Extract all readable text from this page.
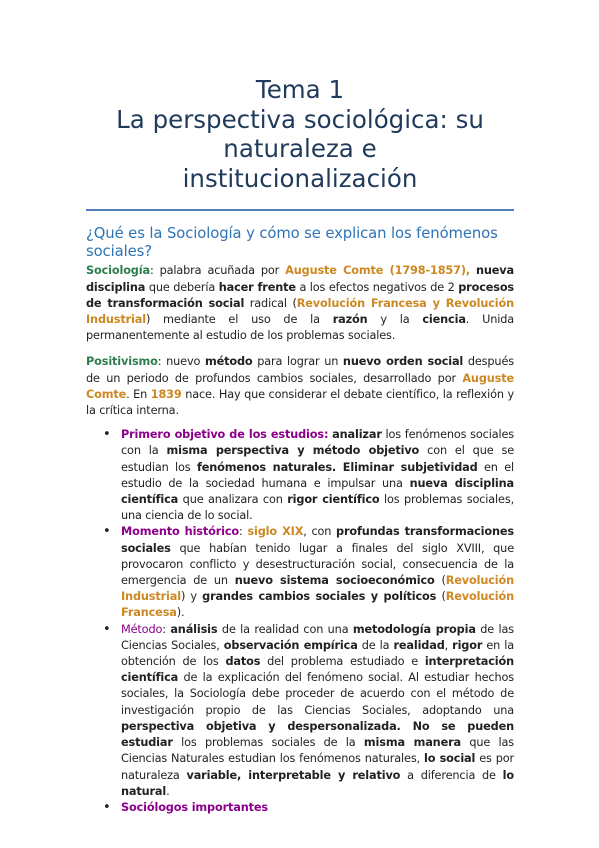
Tema 1
La perspectiva sociológica: su
naturaleza e
institucionalización
¿Qué es la Sociología y cómo se explican los fenómenos sociales?

Sociología: palabra acuñada por Auguste Comte (1798-1857), nueva disciplina que debería hacer frente a los efectos negativos de 2 procesos de transformación social radical (Revolución Francesa y Revolución Industrial) mediante el uso de la razón y la ciencia. Unida permanentemente al estudio de los problemas sociales.

Positivismo: nuevo método para lograr un nuevo orden social después de un periodo de profundos cambios sociales, desarrollado por Auguste Comte. En 1839 nace. Hay que considerar el debate científico, la reflexión y la crítica interna.

• Primero objetivo de los estudios: analizar los fenómenos sociales con la misma perspectiva y método objetivo con el que se estudian los fenómenos naturales. Eliminar subjetividad en el estudio de la sociedad humana e impulsar una nueva disciplina científica que analizara con rigor científico los problemas sociales, una ciencia de lo social.
• Momento histórico: siglo XIX, con profundas transformaciones sociales que habían tenido lugar a finales del siglo XVIII, que provocaron conflicto y desestructuración social, consecuencia de la emergencia de un nuevo sistema socioeconómico (Revolución Industrial) y grandes cambios sociales y políticos (Revolución Francesa).
• Método: análisis de la realidad con una metodología propia de las Ciencias Sociales, observación empírica de la realidad, rigor en la obtención de los datos del problema estudiado e interpretación científica de la explicación del fenómeno social. Al estudiar hechos sociales, la Sociología debe proceder de acuerdo con el método de investigación propio de las Ciencias Sociales, adoptando una perspectiva objetiva y despersonalizada. No se pueden estudiar los problemas sociales de la misma manera que las Ciencias Naturales estudian los fenómenos naturales, lo social es por naturaleza variable, interpretable y relativo a diferencia de lo natural.
• Sociólogos importantes
